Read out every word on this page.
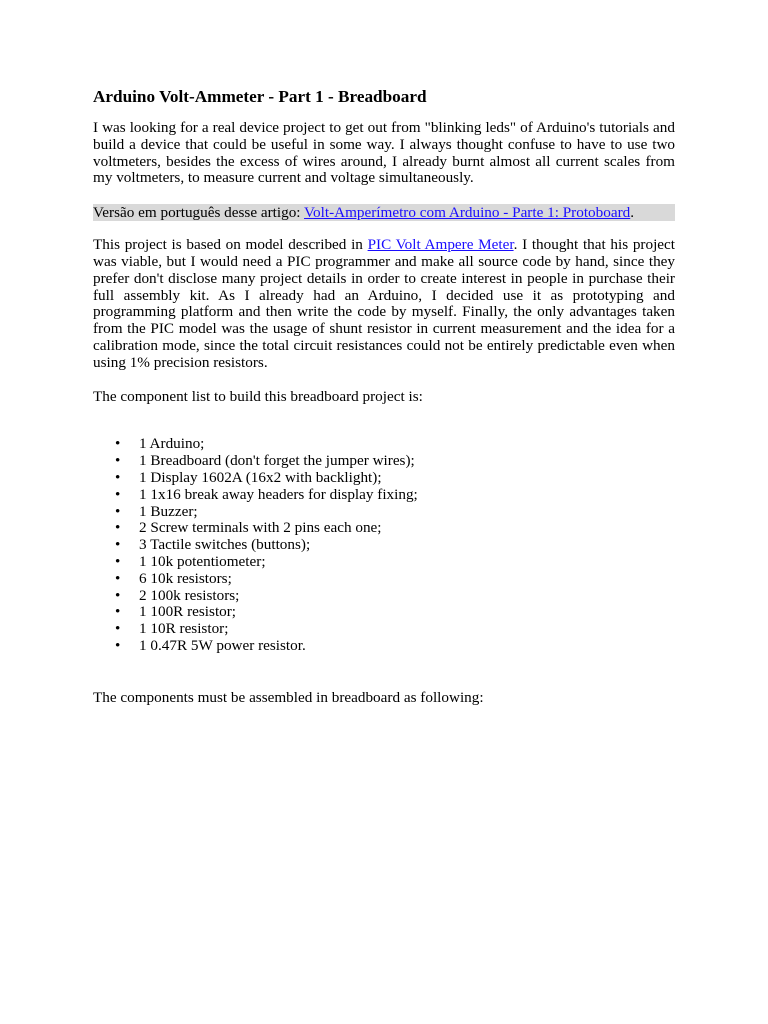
Arduino Volt-Ammeter - Part 1 - Breadboard

I was looking for a real device project to get out from "blinking leds" of Arduino's tutorials and build a device that could be useful in some way. I always thought confuse to have to use two voltmeters, besides the excess of wires around, I already burnt almost all current scales from my voltmeters, to measure current and voltage simultaneously.

Versão em português desse artigo: Volt-Amperímetro com Arduino - Parte 1: Protoboard.

This project is based on model described in PIC Volt Ampere Meter. I thought that his project was viable, but I would need a PIC programmer and make all source code by hand, since they prefer don't disclose many project details in order to create interest in people in purchase their full assembly kit. As I already had an Arduino, I decided use it as prototyping and programming platform and then write the code by myself. Finally, the only advantages taken from the PIC model was the usage of shunt resistor in current measurement and the idea for a calibration mode, since the total circuit resistances could not be entirely predictable even when using 1% precision resistors.

The component list to build this breadboard project is:

• 1 Arduino;
• 1 Breadboard (don't forget the jumper wires);
• 1 Display 1602A (16x2 with backlight);
• 1 1x16 break away headers for display fixing;
• 1 Buzzer;
• 2 Screw terminals with 2 pins each one;
• 3 Tactile switches (buttons);
• 1 10k potentiometer;
• 6 10k resistors;
• 2 100k resistors;
• 1 100R resistor;
• 1 10R resistor;
• 1 0.47R 5W power resistor.

The components must be assembled in breadboard as following:
